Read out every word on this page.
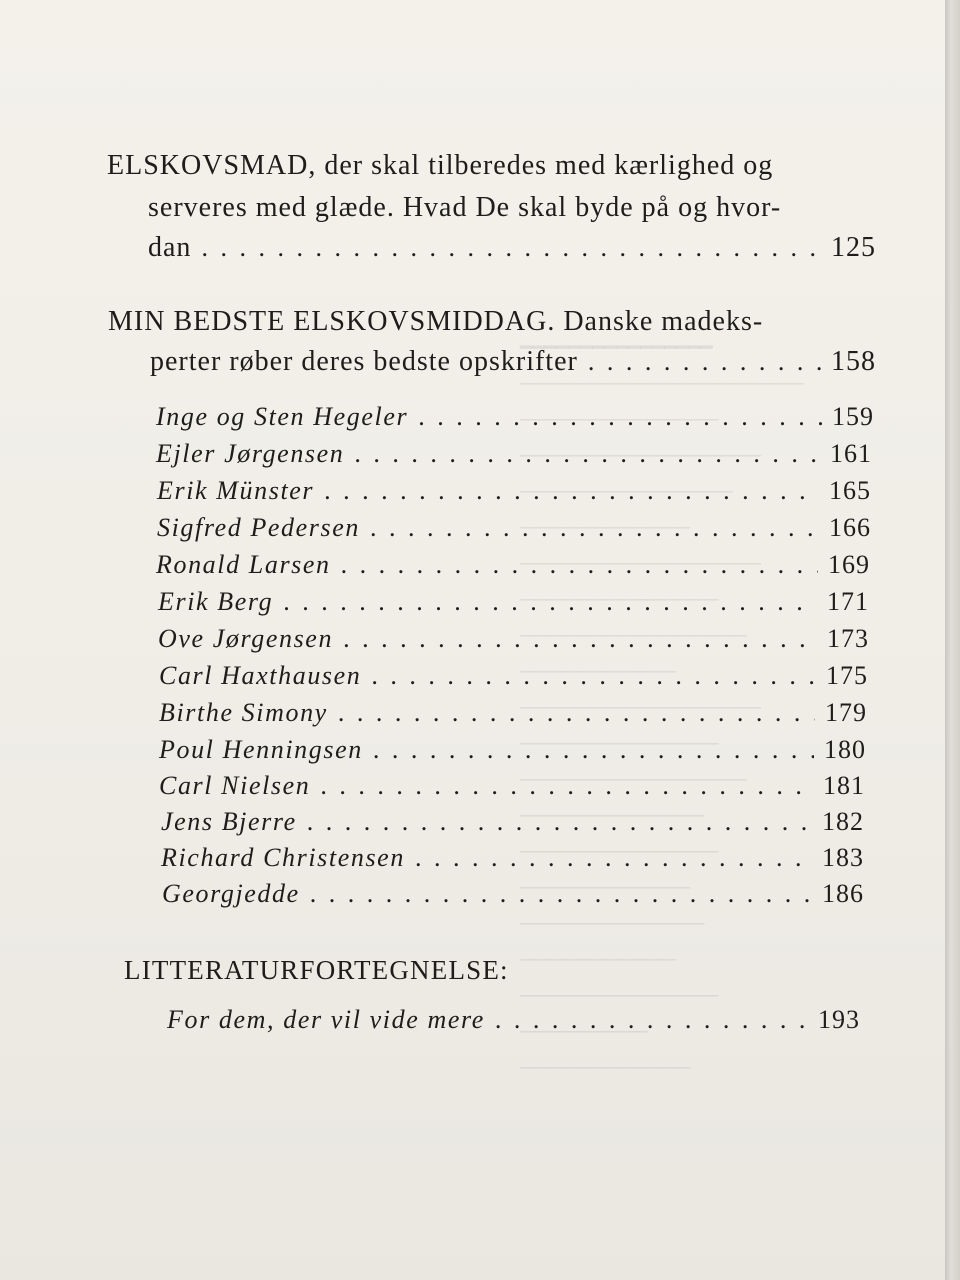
━━━━━━━━━━━━━━━━
────────────────────
──────────────
─────────────────
───────────────
────────────
─────────────────
──────────────
────────────────
───────────
─────────────────
──────────────
────────────────
─────────────
──────────────
────────────
─────────────
───────────
──────────────
─────────
────────────
ELSKOVSMAD, der skal tilberedes med kærlighed og
serveres med glæde. Hvad De skal byde på og hvor-
dan . . .	125
MIN BEDSTE ELSKOVSMIDDAG. Danske madeks-
perter røber deres bedste opskrifter . . .	158
Inge og Sten Hegeler . . .	159
Ejler Jørgensen . . .	161
Erik Münster . . .	165
Sigfred Pedersen . . .	166
Ronald Larsen . . .	169
Erik Berg . . .	171
Ove Jørgensen . . .	173
Carl Haxthausen . . .	175
Birthe Simony . . .	179
Poul Henningsen . . .	180
Carl Nielsen . . .	181
Jens Bjerre . . .	182
Richard Christensen . . .	183
Georgjedde . . .	186
LITTERATURFORTEGNELSE:
For dem, der vil vide mere . . .	193
